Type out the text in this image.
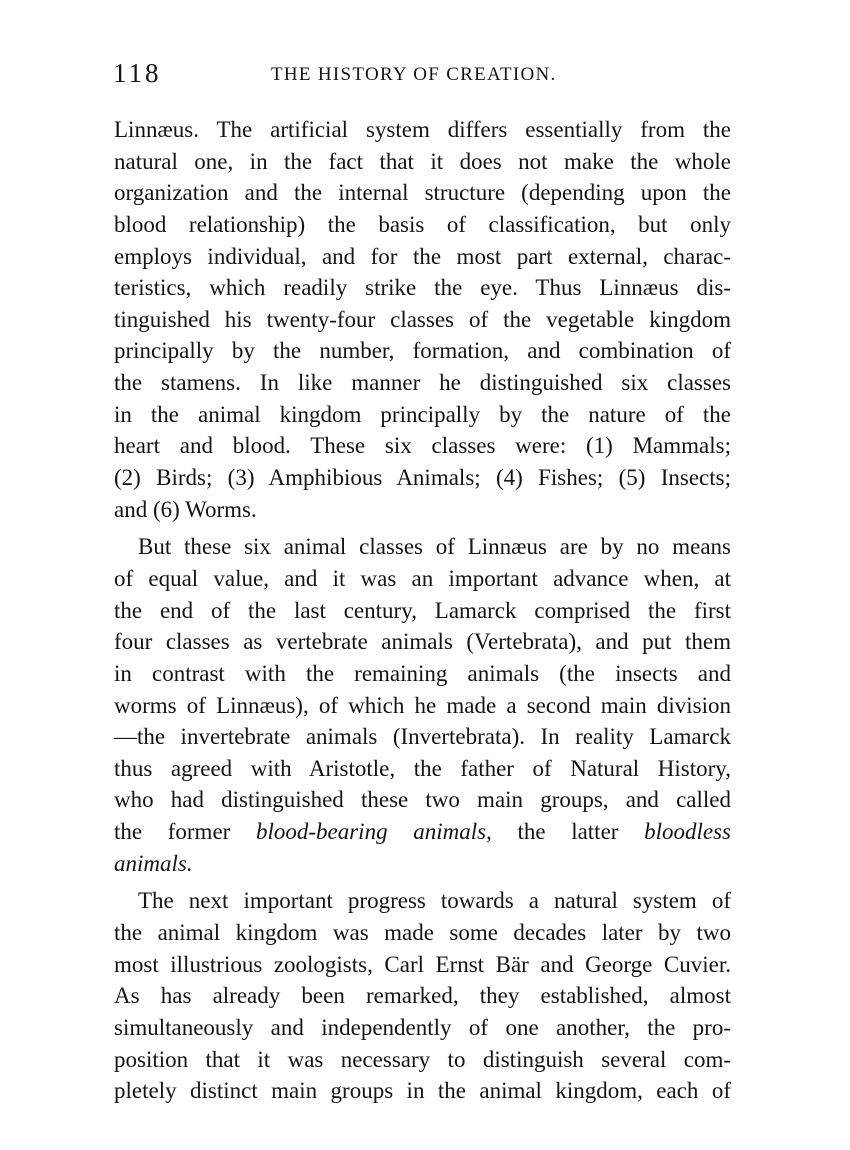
118	THE HISTORY OF CREATION.
Linnæus. The artificial system differs essentially from the
natural one, in the fact that it does not make the whole
organization and the internal structure (depending upon the
blood relationship) the basis of classification, but only
employs individual, and for the most part external, charac-
teristics, which readily strike the eye. Thus Linnæus dis-
tinguished his twenty-four classes of the vegetable kingdom
principally by the number, formation, and combination of
the stamens. In like manner he distinguished six classes
in the animal kingdom principally by the nature of the
heart and blood. These six classes were: (1) Mammals;
(2) Birds; (3) Amphibious Animals; (4) Fishes; (5) Insects;
and (6) Worms.
But these six animal classes of Linnæus are by no means
of equal value, and it was an important advance when, at
the end of the last century, Lamarck comprised the first
four classes as vertebrate animals (Vertebrata), and put them
in contrast with the remaining animals (the insects and
worms of Linnæus), of which he made a second main division
—the invertebrate animals (Invertebrata). In reality Lamarck
thus agreed with Aristotle, the father of Natural History,
who had distinguished these two main groups, and called
the former blood-bearing animals, the latter bloodless
animals.
The next important progress towards a natural system of
the animal kingdom was made some decades later by two
most illustrious zoologists, Carl Ernst Bär and George Cuvier.
As has already been remarked, they established, almost
simultaneously and independently of one another, the pro-
position that it was necessary to distinguish several com-
pletely distinct main groups in the animal kingdom, each of
